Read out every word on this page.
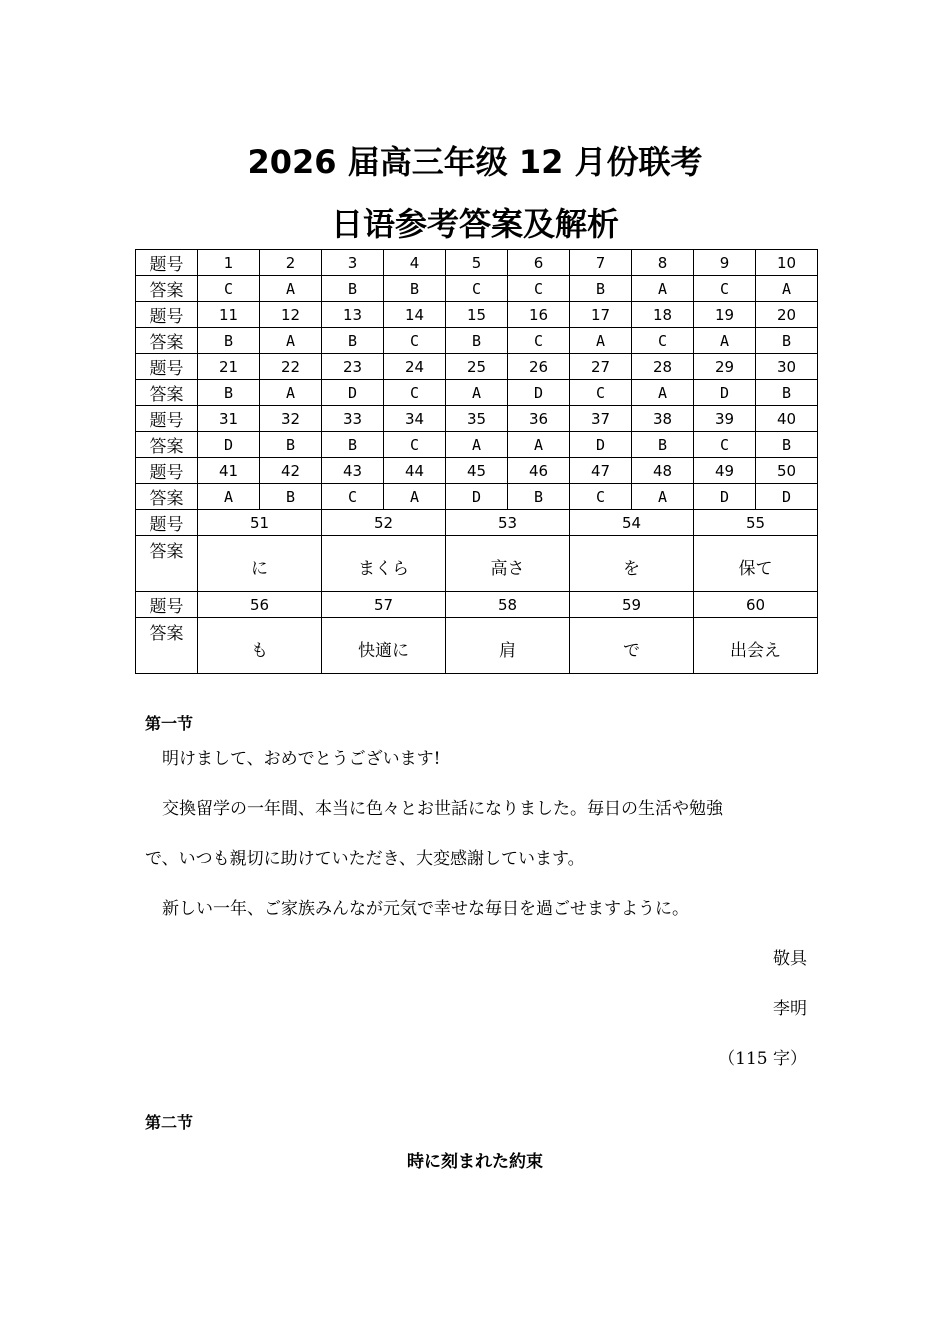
2026 届高三年级 12 月份联考
日语参考答案及解析
题号	1	2	3	4	5	6	7	8	9	10
答案	C	A	B	B	C	C	B	A	C	A
题号	11	12	13	14	15	16	17	18	19	20
答案	B	A	B	C	B	C	A	C	A	B
题号	21	22	23	24	25	26	27	28	29	30
答案	B	A	D	C	A	D	C	A	D	B
题号	31	32	33	34	35	36	37	38	39	40
答案	D	B	B	C	A	A	D	B	C	B
题号	41	42	43	44	45	46	47	48	49	50
答案	A	B	C	A	D	B	C	A	D	D
题号	51		52		53		54		55	
答案	に		まくら		高さ		を		保て	
题号	56		57		58		59		60	
答案	も		快適に		肩		で		出会え	
第一节
明けまして、おめでとうございます!
交換留学の一年間、本当に色々とお世話になりました。毎日の生活や勉強
で、いつも親切に助けていただき、大変感謝しています。
新しい一年、ご家族みんなが元気で幸せな毎日を過ごせますように。
敬具
李明
（115 字）
第二节
時に刻まれた約束
